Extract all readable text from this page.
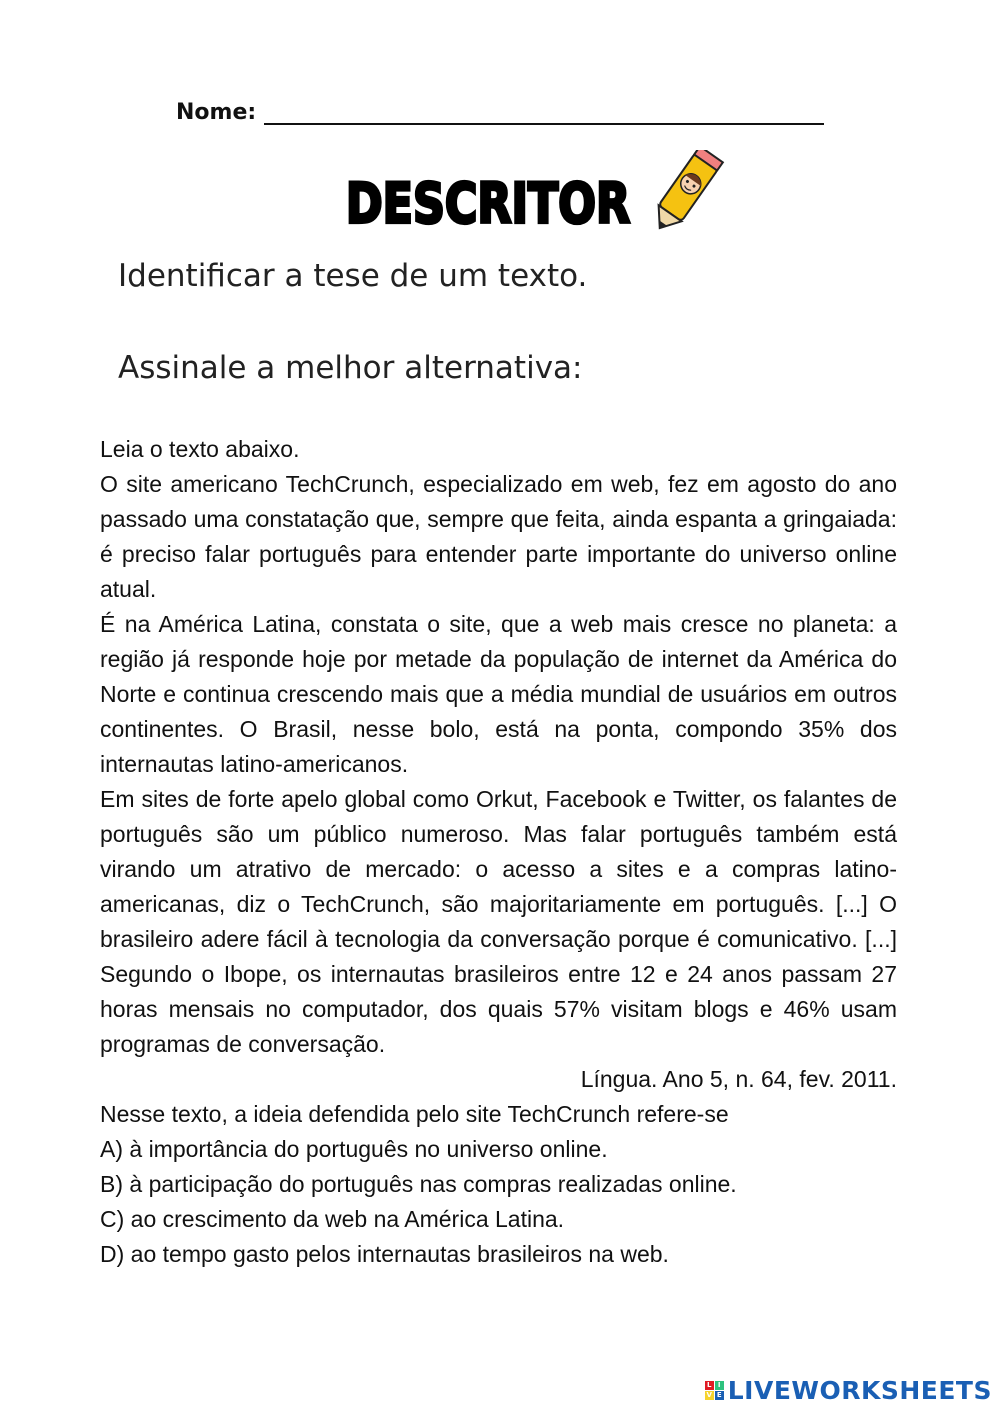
Nome:
DESCRITOR
Identificar a tese de um texto.
Assinale a melhor alternativa:

Leia o texto abaixo.

O site americano TechCrunch, especializado em web, fez em agosto do ano passado uma constatação que, sempre que feita, ainda espanta a gringaiada: é preciso falar português para entender parte importante do universo online atual.

É na América Latina, constata o site, que a web mais cresce no planeta: a região já responde hoje por metade da população de internet da América do Norte e continua crescendo mais que a média mundial de usuários em outros continentes. O Brasil, nesse bolo, está na ponta, compondo 35% dos internautas latino-americanos.

Em sites de forte apelo global como Orkut, Facebook e Twitter, os falantes de português são um público numeroso. Mas falar português também está virando um atrativo de mercado: o acesso a sites e a compras latino-americanas, diz o TechCrunch, são majoritariamente em português. [...] O brasileiro adere fácil à tecnologia da conversação porque é comunicativo. [...] Segundo o Ibope, os internautas brasileiros entre 12 e 24 anos passam 27 horas mensais no computador, dos quais 57% visitam blogs e 46% usam programas de conversação.

Língua. Ano 5, n. 64, fev. 2011.

Nesse texto, a ideia defendida pelo site TechCrunch refere-se

A) à importância do português no universo online.

B) à participação do português nas compras realizadas online.

C) ao crescimento da web na América Latina.

D) ao tempo gasto pelos internautas brasileiros na web.

L I
V E LIVEWORKSHEETS
